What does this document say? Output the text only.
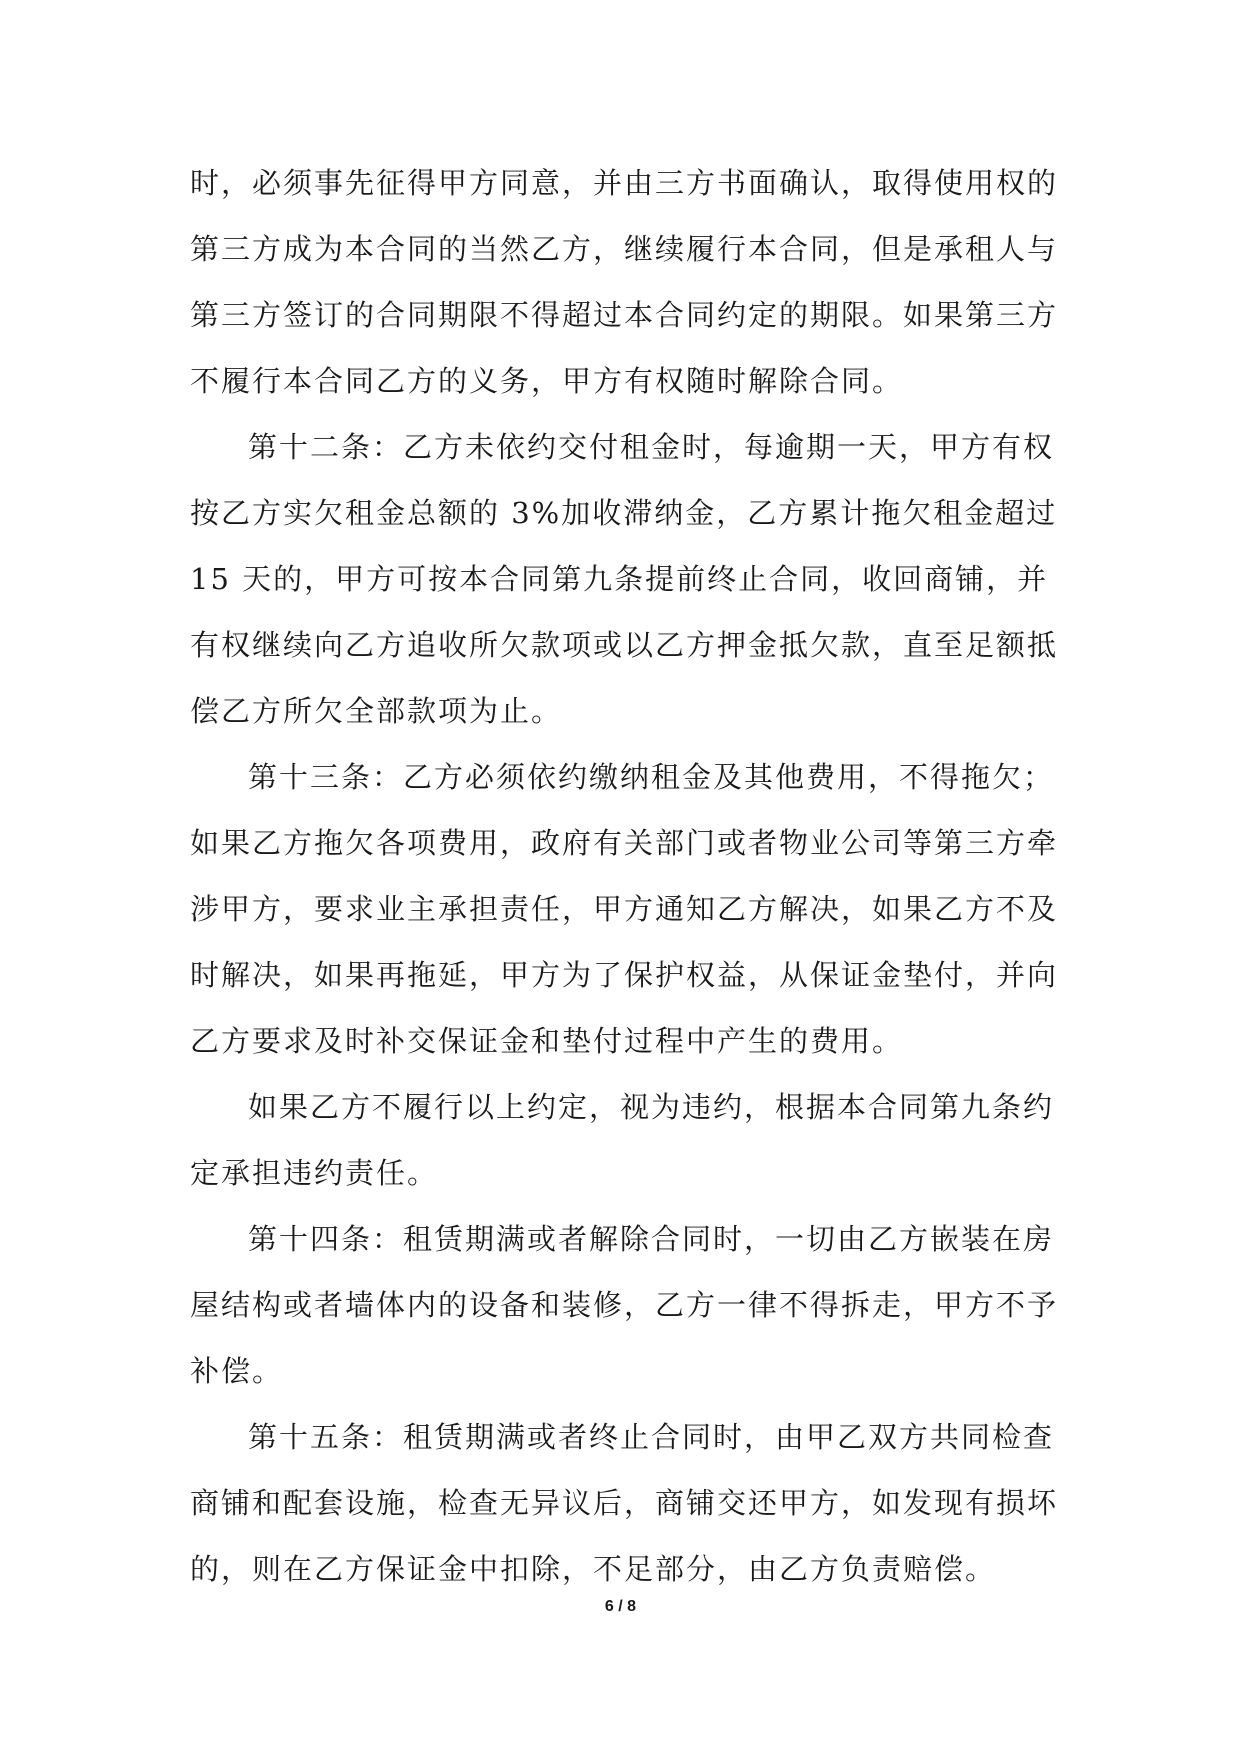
时，必须事先征得甲方同意，并由三方书面确认，取得使用权的
第三方成为本合同的当然乙方，继续履行本合同，但是承租人与
第三方签订的合同期限不得超过本合同约定的期限。如果第三方
不履行本合同乙方的义务，甲方有权随时解除合同。
第十二条：乙方未依约交付租金时，每逾期一天，甲方有权
按乙方实欠租金总额的 3%加收滞纳金，乙方累计拖欠租金超过
15 天的，甲方可按本合同第九条提前终止合同，收回商铺，并
有权继续向乙方追收所欠款项或以乙方押金抵欠款，直至足额抵
偿乙方所欠全部款项为止。
第十三条：乙方必须依约缴纳租金及其他费用，不得拖欠；
如果乙方拖欠各项费用，政府有关部门或者物业公司等第三方牵
涉甲方，要求业主承担责任，甲方通知乙方解决，如果乙方不及
时解决，如果再拖延，甲方为了保护权益，从保证金垫付，并向
乙方要求及时补交保证金和垫付过程中产生的费用。
如果乙方不履行以上约定，视为违约，根据本合同第九条约
定承担违约责任。
第十四条：租赁期满或者解除合同时，一切由乙方嵌装在房
屋结构或者墙体内的设备和装修，乙方一律不得拆走，甲方不予
补偿。
第十五条：租赁期满或者终止合同时，由甲乙双方共同检查
商铺和配套设施，检查无异议后，商铺交还甲方，如发现有损坏
的，则在乙方保证金中扣除，不足部分，由乙方负责赔偿。
6 / 8
